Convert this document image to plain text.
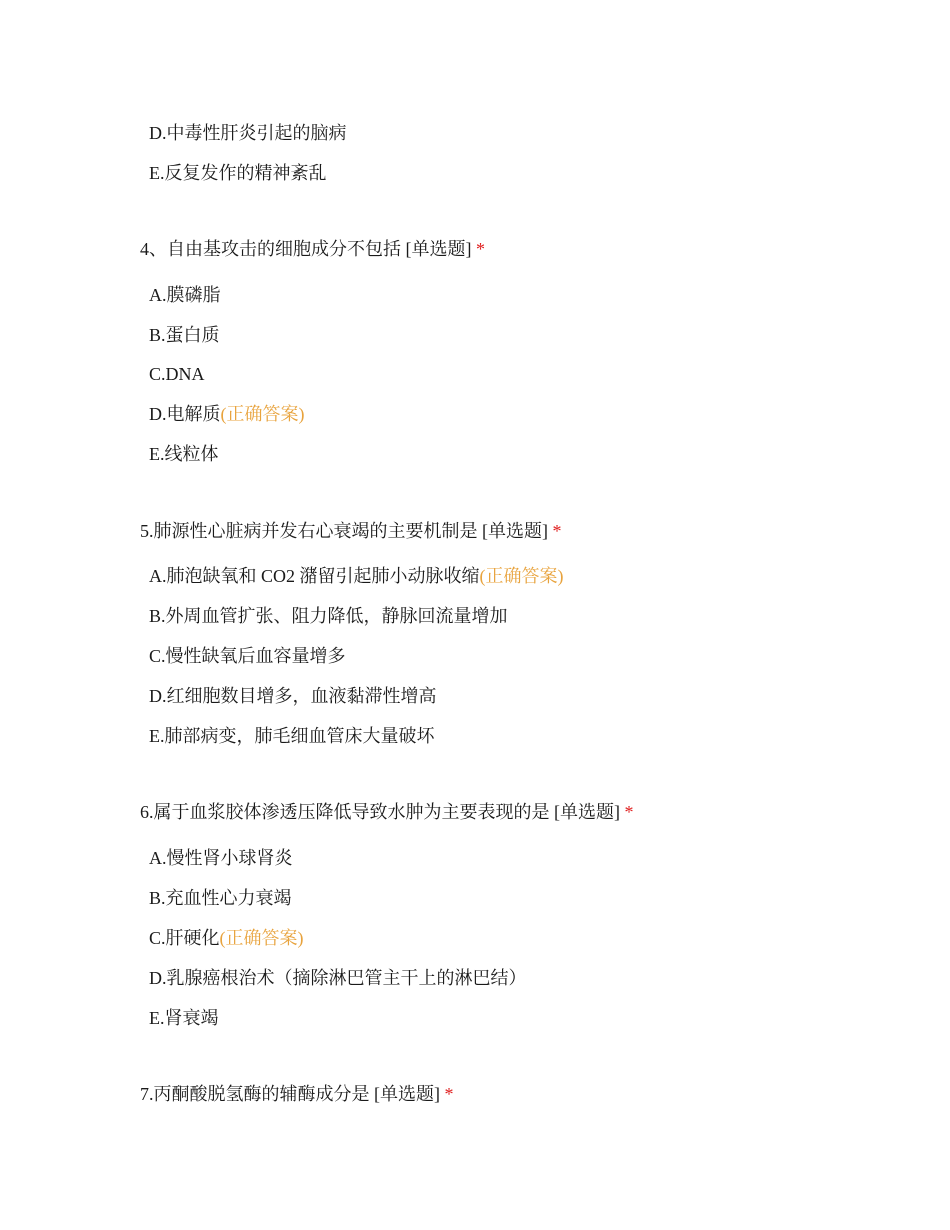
D.中毒性肝炎引起的脑病
E.反复发作的精神紊乱
4、自由基攻击的细胞成分不包括 [单选题] *
A.膜磷脂
B.蛋白质
C.DNA
D.电解质(正确答案)
E.线粒体
5.肺源性心脏病并发右心衰竭的主要机制是 [单选题] *
A.肺泡缺氧和 CO2 潴留引起肺小动脉收缩(正确答案)
B.外周血管扩张、阻力降低，静脉回流量增加
C.慢性缺氧后血容量增多
D.红细胞数目增多，血液黏滞性增高
E.肺部病变，肺毛细血管床大量破坏
6.属于血浆胶体渗透压降低导致水肿为主要表现的是 [单选题] *
A.慢性肾小球肾炎
B.充血性心力衰竭
C.肝硬化(正确答案)
D.乳腺癌根治术（摘除淋巴管主干上的淋巴结）
E.肾衰竭
7.丙酮酸脱氢酶的辅酶成分是 [单选题] *
